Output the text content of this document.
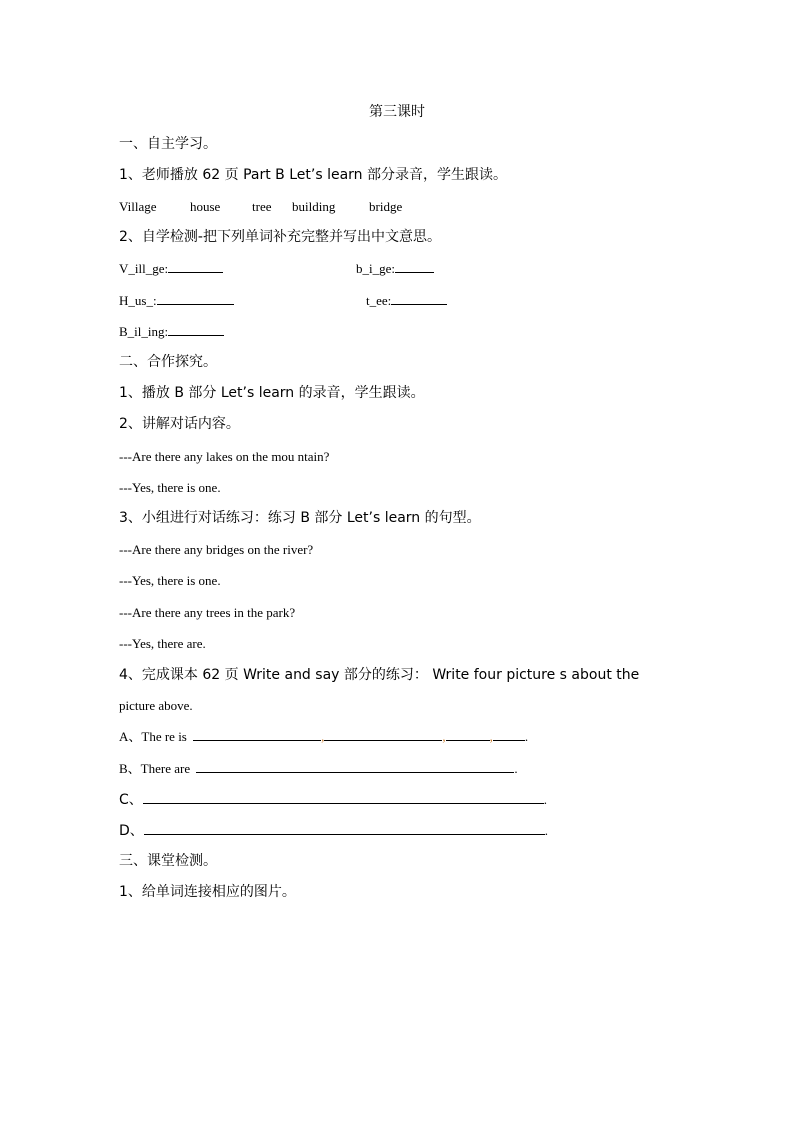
第三课时
一、自主学习。
1、老师播放 62 页 Part B Let’s learn 部分录音，学生跟读。
Village	house tree building	bridge
2、自学检测-把下列单词补充完整并写出中文意思。
V_ill_ge:	b_i_ge:
H_us_:	t_ee:
B_il_ing:
二、合作探究。
1、播放 B 部分 Let’s learn 的录音，学生跟读。
2、讲解对话内容。
---Are there any lakes on the mou ntain?
---Yes, there is one.
3、小组进行对话练习：练习 B 部分 Let’s learn 的句型。
---Are there any bridges on the river?
---Yes, there is one.
---Are there any trees in the park?
---Yes, there are.
4、完成课本 62 页 Write and say 部分的练习： Write four picture s about the
picture above.
A、The re is	,	,	, .
B、There are	.
C、	.
D、	.
三、课堂检测。
1、给单词连接相应的图片。
